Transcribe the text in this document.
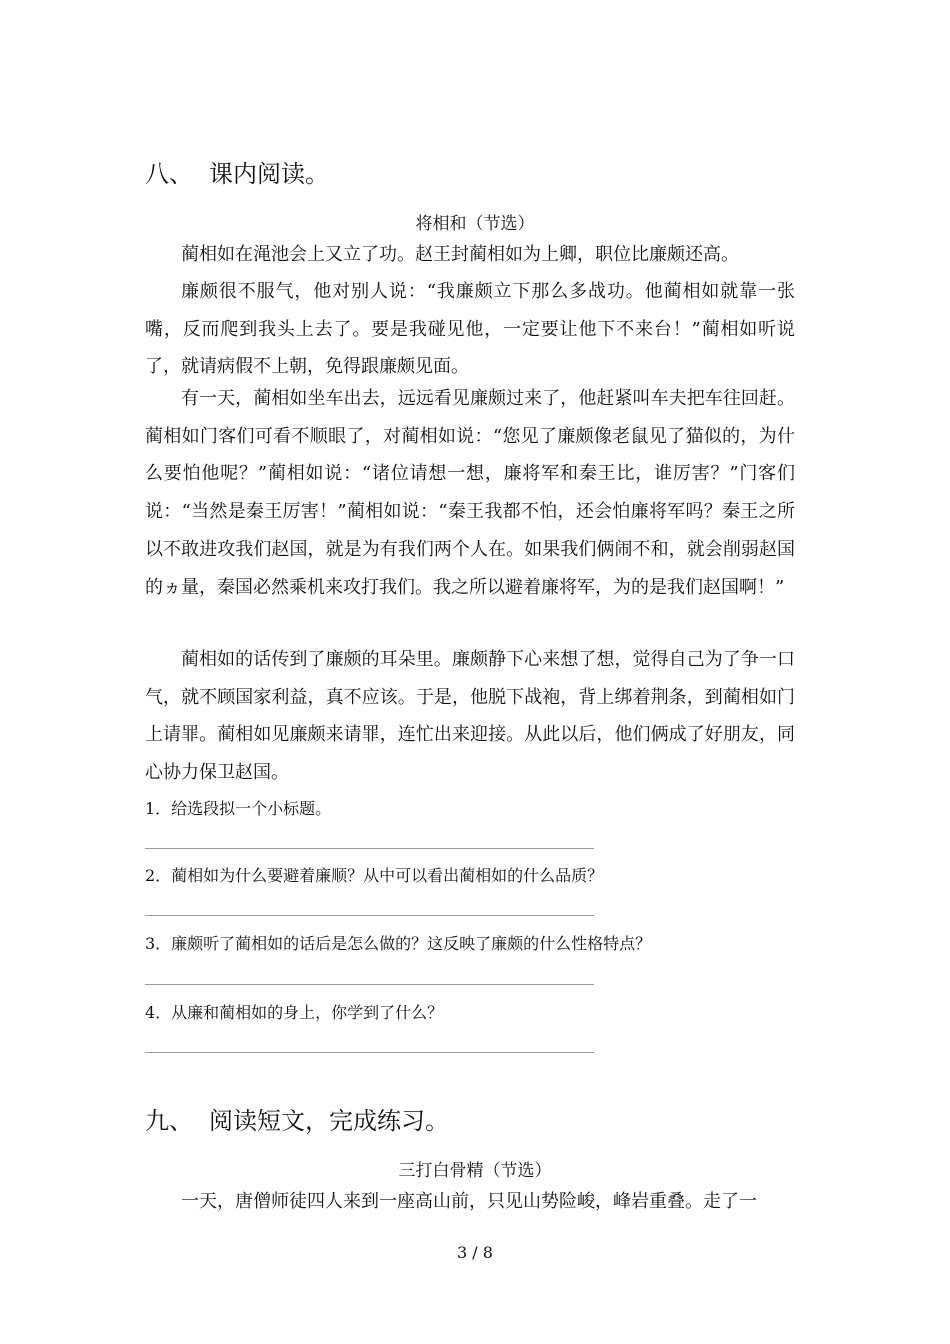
八、 课内阅读。
将相和（节选）

蔺相如在渑池会上又立了功。赵王封蔺相如为上卿，职位比廉颇还高。

廉颇很不服气，他对别人说：“我廉颇立下那么多战功。他蔺相如就靠一张嘴，反而爬到我头上去了。要是我碰见他，一定要让他下不来台！”蔺相如听说了，就请病假不上朝，免得跟廉颇见面。

有一天，蔺相如坐车出去，远远看见廉颇过来了，他赶紧叫车夫把车往回赶。蔺相如门客们可看不顺眼了，对蔺相如说：“您见了廉颇像老鼠见了猫似的，为什么要怕他呢？”蔺相如说：“诸位请想一想，廉将军和秦王比，谁厉害？”门客们说：“当然是秦王厉害！”蔺相如说：“秦王我都不怕，还会怕廉将军吗？秦王之所以不敢进攻我们赵国，就是为有我们两个人在。如果我们俩闹不和，就会削弱赵国的ヵ量，秦国必然乘机来攻打我们。我之所以避着廉将军，为的是我们赵国啊！”

蔺相如的话传到了廉颇的耳朵里。廉颇静下心来想了想，觉得自己为了争一口气，就不顾国家利益，真不应该。于是，他脱下战袍，背上绑着荆条，到蔺相如门上请罪。蔺相如见廉颇来请罪，连忙出来迎接。从此以后，他们俩成了好朋友，同心协力保卫赵国。

1．给选段拟一个小标题。
2．蔺相如为什么要避着廉顺？从中可以看出蔺相如的什么品质？
3．廉颇听了蔺相如的话后是怎么做的？这反映了廉颇的什么性格特点？
4．从廉和蔺相如的身上，你学到了什么？
九、 阅读短文，完成练习。
三打白骨精（节选）

一天，唐僧师徒四人来到一座高山前，只见山势险峻，峰岩重叠。走了一

3 / 8
